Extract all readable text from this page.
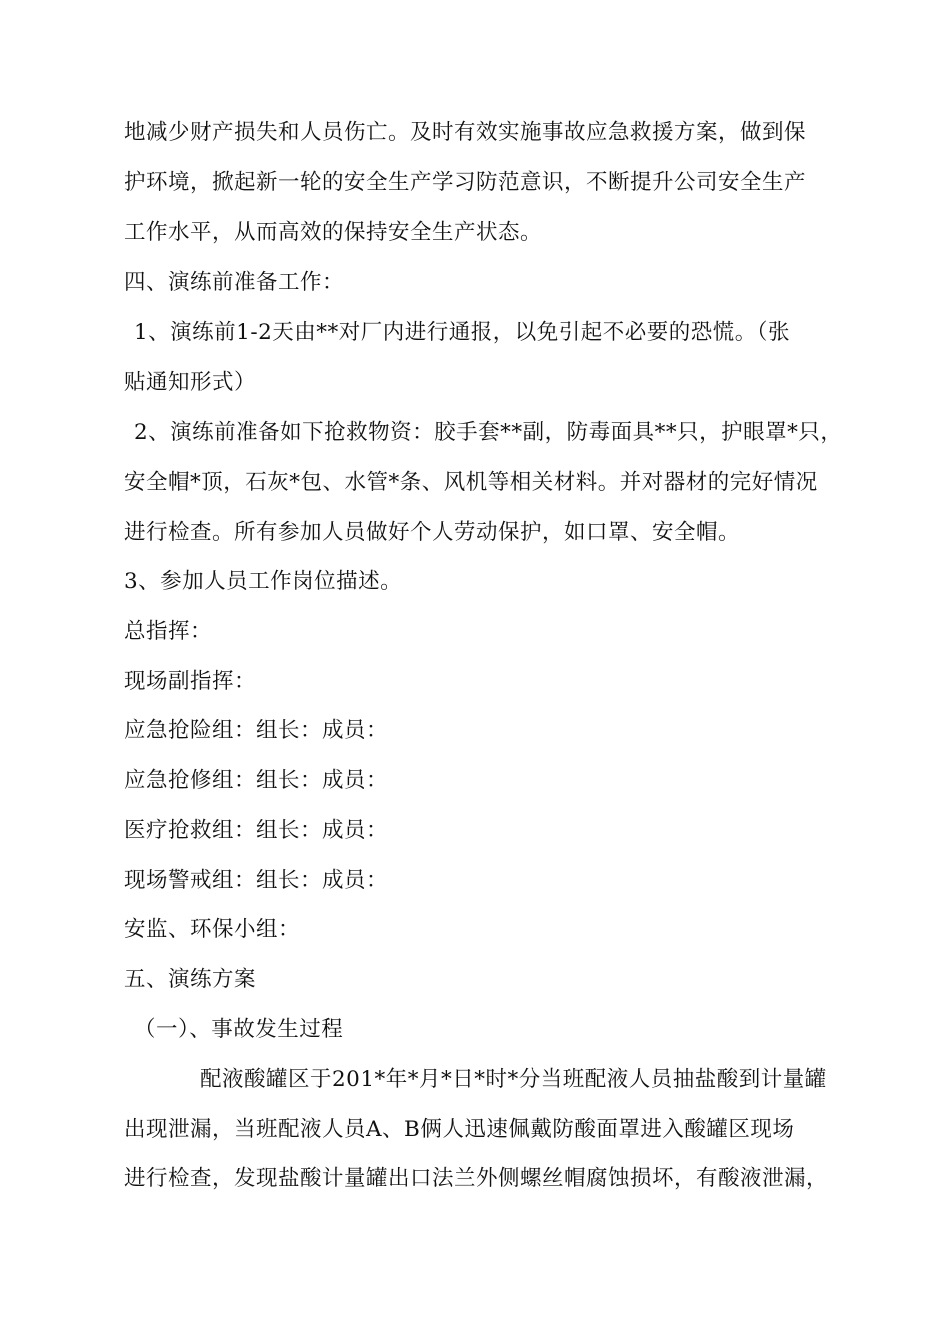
地减少财产损失和人员伤亡。及时有效实施事故应急救援方案，做到保
护环境，掀起新一轮的安全生产学习防范意识，不断提升公司安全生产
工作水平，从而高效的保持安全生产状态。
四、演练前准备工作：
1、演练前1-2天由**对厂内进行通报，以免引起不必要的恐慌。（张
贴通知形式）
2、演练前准备如下抢救物资：胶手套**副，防毒面具**只，护眼罩*只，
安全帽*顶，石灰*包、水管*条、风机等相关材料。并对器材的完好情况
进行检查。所有参加人员做好个人劳动保护，如口罩、安全帽。
3、参加人员工作岗位描述。
总指挥：
现场副指挥：
应急抢险组：组长：成员：
应急抢修组：组长：成员：
医疗抢救组：组长：成员：
现场警戒组：组长：成员：
安监、环保小组：
五、演练方案
（一）、事故发生过程
配液酸罐区于201*年*月*日*时*分当班配液人员抽盐酸到计量罐
出现泄漏，当班配液人员A、B俩人迅速佩戴防酸面罩进入酸罐区现场
进行检查，发现盐酸计量罐出口法兰外侧螺丝帽腐蚀损坏，有酸液泄漏，
